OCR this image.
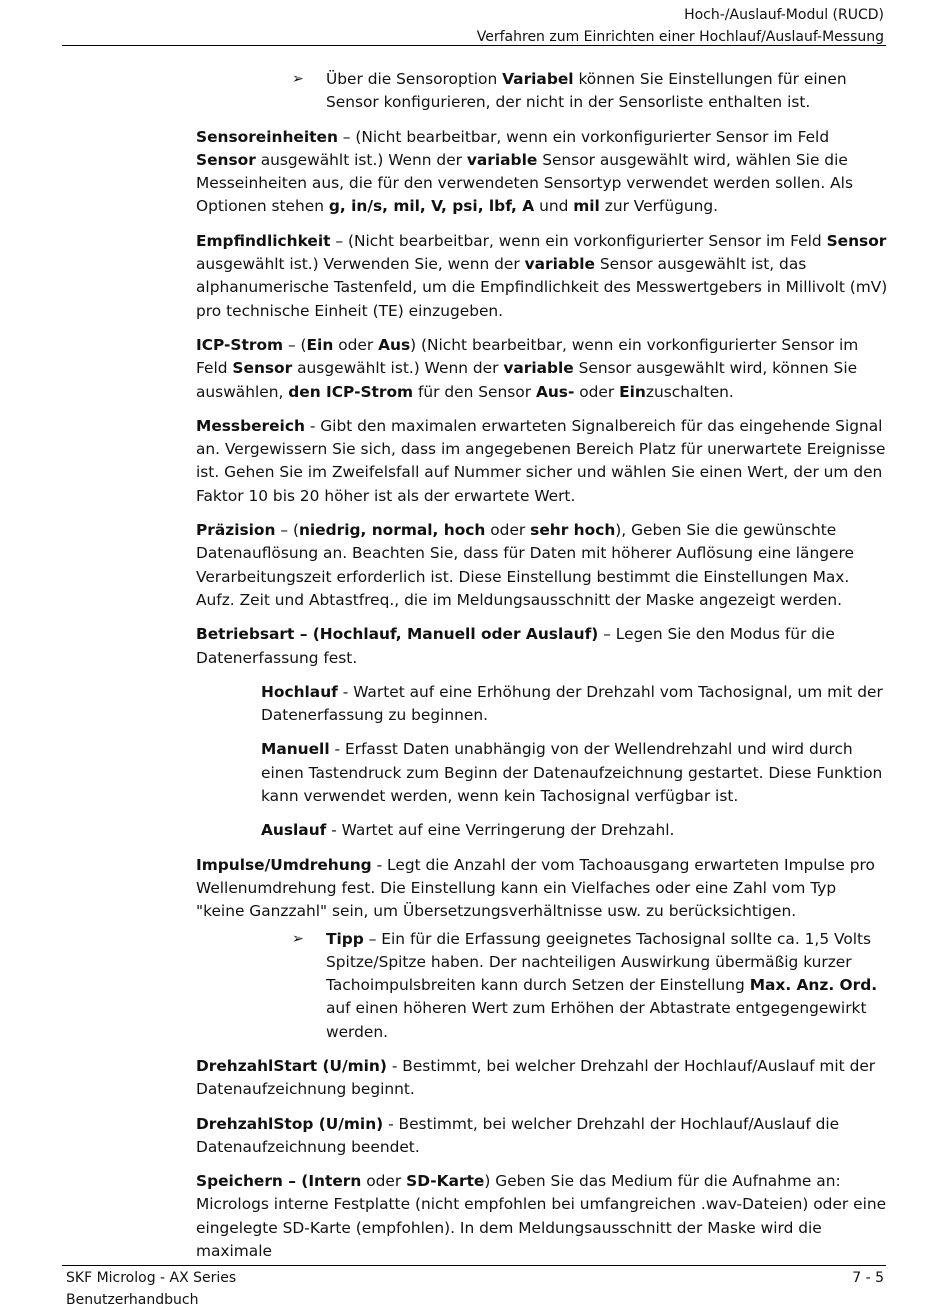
Hoch-/Auslauf-Modul (RUCD)
Verfahren zum Einrichten einer Hochlauf/Auslauf-Messung
➢ Über die Sensoroption Variabel können Sie Einstellungen für einen Sensor konfigurieren, der nicht in der Sensorliste enthalten ist.

Sensoreinheiten – (Nicht bearbeitbar, wenn ein vorkonfigurierter Sensor im Feld Sensor ausgewählt ist.) Wenn der variable Sensor ausgewählt wird, wählen Sie die Messeinheiten aus, die für den verwendeten Sensortyp verwendet werden sollen. Als Optionen stehen g, in/s, mil, V, psi, lbf, A und mil zur Verfügung.

Empfindlichkeit – (Nicht bearbeitbar, wenn ein vorkonfigurierter Sensor im Feld Sensor ausgewählt ist.) Verwenden Sie, wenn der variable Sensor ausgewählt ist, das alphanumerische Tastenfeld, um die Empfindlichkeit des Messwertgebers in Millivolt (mV) pro technische Einheit (TE) einzugeben.

ICP-Strom – (Ein oder Aus) (Nicht bearbeitbar, wenn ein vorkonfigurierter Sensor im Feld Sensor ausgewählt ist.) Wenn der variable Sensor ausgewählt wird, können Sie auswählen, den ICP-Strom für den Sensor Aus- oder Einzuschalten.

Messbereich - Gibt den maximalen erwarteten Signalbereich für das eingehende Signal an. Vergewissern Sie sich, dass im angegebenen Bereich Platz für unerwartete Ereignisse ist. Gehen Sie im Zweifelsfall auf Nummer sicher und wählen Sie einen Wert, der um den Faktor 10 bis 20 höher ist als der erwartete Wert.

Präzision – (niedrig, normal, hoch oder sehr hoch), Geben Sie die gewünschte Datenauflösung an. Beachten Sie, dass für Daten mit höherer Auflösung eine längere Verarbeitungszeit erforderlich ist. Diese Einstellung bestimmt die Einstellungen Max. Aufz. Zeit und Abtastfreq., die im Meldungsausschnitt der Maske angezeigt werden.

Betriebsart – (Hochlauf, Manuell oder Auslauf) – Legen Sie den Modus für die Datenerfassung fest.

Hochlauf - Wartet auf eine Erhöhung der Drehzahl vom Tachosignal, um mit der Datenerfassung zu beginnen.

Manuell - Erfasst Daten unabhängig von der Wellendrehzahl und wird durch einen Tastendruck zum Beginn der Datenaufzeichnung gestartet. Diese Funktion kann verwendet werden, wenn kein Tachosignal verfügbar ist.

Auslauf - Wartet auf eine Verringerung der Drehzahl.

Impulse/Umdrehung - Legt die Anzahl der vom Tachoausgang erwarteten Impulse pro Wellenumdrehung fest. Die Einstellung kann ein Vielfaches oder eine Zahl vom Typ "keine Ganzzahl" sein, um Übersetzungsverhältnisse usw. zu berücksichtigen.

➢ Tipp – Ein für die Erfassung geeignetes Tachosignal sollte ca. 1,5 Volts Spitze/Spitze haben. Der nachteiligen Auswirkung übermäßig kurzer Tachoimpulsbreiten kann durch Setzen der Einstellung Max. Anz. Ord. auf einen höheren Wert zum Erhöhen der Abtastrate entgegengewirkt werden.

DrehzahlStart (U/min) - Bestimmt, bei welcher Drehzahl der Hochlauf/Auslauf mit der Datenaufzeichnung beginnt.

DrehzahlStop (U/min) - Bestimmt, bei welcher Drehzahl der Hochlauf/Auslauf die Datenaufzeichnung beendet.

Speichern – (Intern oder SD-Karte) Geben Sie das Medium für die Aufnahme an: Micrologs interne Festplatte (nicht empfohlen bei umfangreichen .wav-Dateien) oder eine eingelegte SD-Karte (empfohlen). In dem Meldungsausschnitt der Maske wird die maximale

SKF Microlog - AX Series
Benutzerhandbuch
7 - 5
